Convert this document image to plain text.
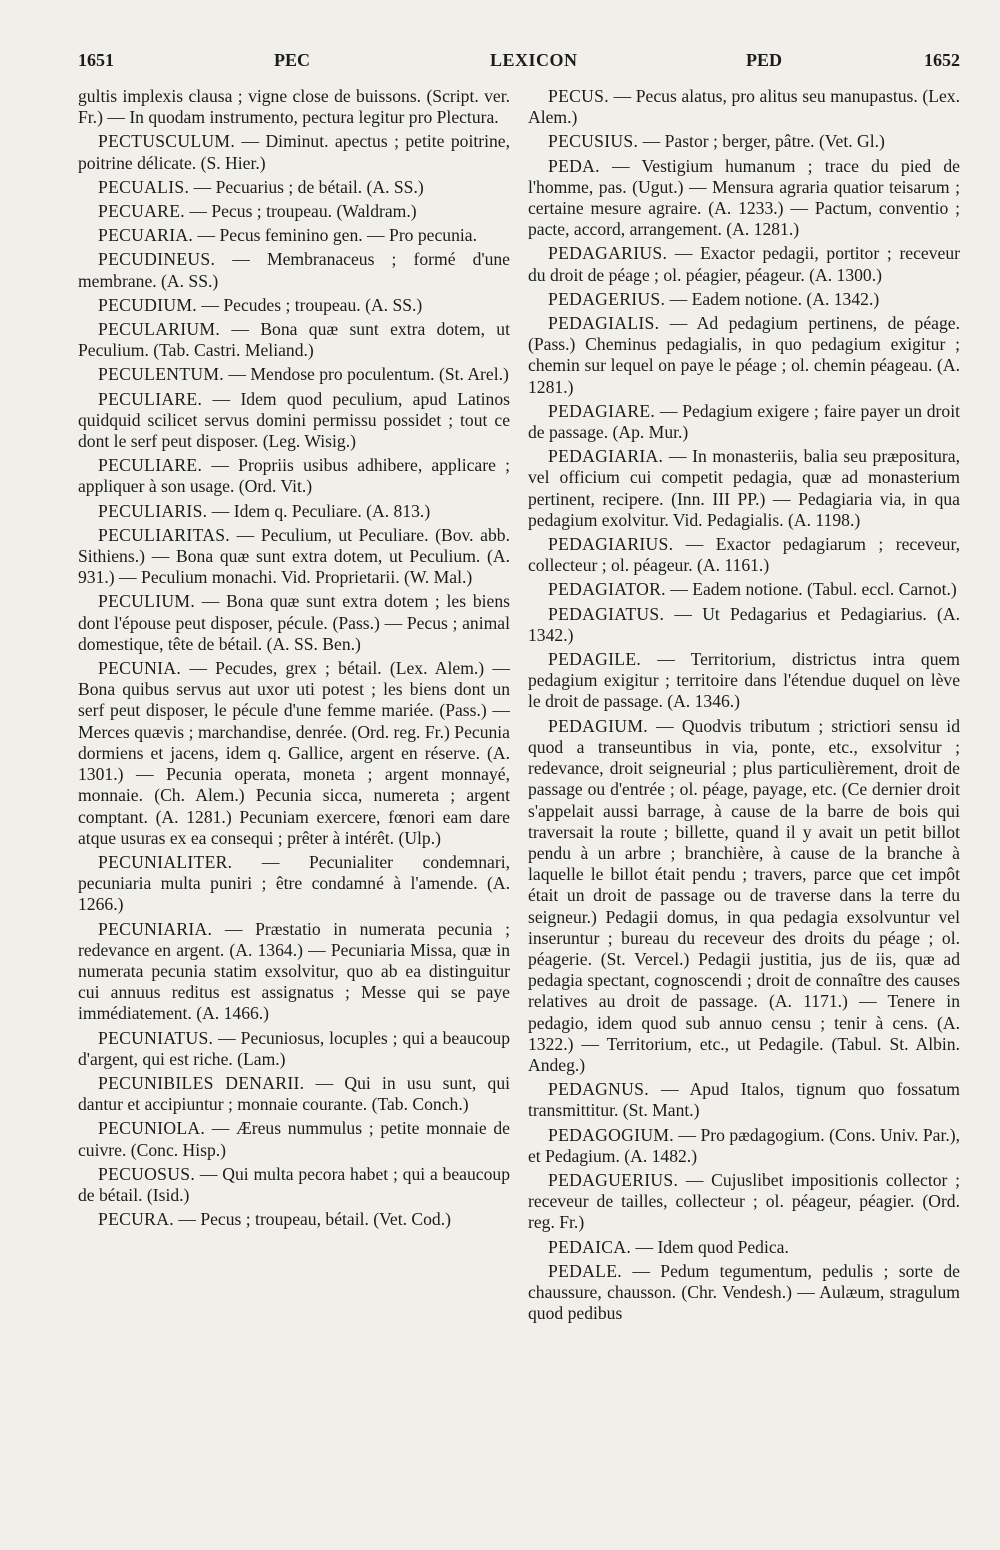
1651	PEC	LEXICON	PED	1652

gultis implexis clausa ; vigne close de buissons. (Script. ver. Fr.) — In quodam instrumento, pectura legitur pro Plectura.

PECTUSCULUM. — Diminut. apectus ; petite poitrine, poitrine délicate. (S. Hier.)

PECUALIS. — Pecuarius ; de bétail. (A. SS.)

PECUARE. — Pecus ; troupeau. (Waldram.)

PECUARIA. — Pecus feminino gen. — Pro pecunia.

PECUDINEUS. — Membranaceus ; formé d'une membrane. (A. SS.)

PECUDIUM. — Pecudes ; troupeau. (A. SS.)

PECULARIUM. — Bona quæ sunt extra dotem, ut Peculium. (Tab. Castri. Meliand.)

PECULENTUM. — Mendose pro poculentum. (St. Arel.)

PECULIARE. — Idem quod peculium, apud Latinos quidquid scilicet servus domini permissu possidet ; tout ce dont le serf peut disposer. (Leg. Wisig.)

PECULIARE. — Propriis usibus adhibere, applicare ; appliquer à son usage. (Ord. Vit.)

PECULIARIS. — Idem q. Peculiare. (A. 813.)

PECULIARITAS. — Peculium, ut Peculiare. (Bov. abb. Sithiens.) — Bona quæ sunt extra dotem, ut Peculium. (A. 931.) — Peculium monachi. Vid. Proprietarii. (W. Mal.)

PECULIUM. — Bona quæ sunt extra dotem ; les biens dont l'épouse peut disposer, pécule. (Pass.) — Pecus ; animal domestique, tête de bétail. (A. SS. Ben.)

PECUNIA. — Pecudes, grex ; bétail. (Lex. Alem.) — Bona quibus servus aut uxor uti potest ; les biens dont un serf peut disposer, le pécule d'une femme mariée. (Pass.) — Merces quævis ; marchandise, denrée. (Ord. reg. Fr.) Pecunia dormiens et jacens, idem q. Gallice, argent en réserve. (A. 1301.) — Pecunia operata, moneta ; argent monnayé, monnaie. (Ch. Alem.) Pecunia sicca, numereta ; argent comptant. (A. 1281.) Pecuniam exercere, fœnori eam dare atque usuras ex ea consequi ; prêter à intérêt. (Ulp.)

PECUNIALITER. — Pecunialiter condemnari, pecuniaria multa puniri ; être condamné à l'amende. (A. 1266.)

PECUNIARIA. — Præstatio in numerata pecunia ; redevance en argent. (A. 1364.) — Pecuniaria Missa, quæ in numerata pecunia statim exsolvitur, quo ab ea distinguitur cui annuus reditus est assignatus ; Messe qui se paye immédiatement. (A. 1466.)

PECUNIATUS. — Pecuniosus, locuples ; qui a beaucoup d'argent, qui est riche. (Lam.)

PECUNIBILES DENARII. — Qui in usu sunt, qui dantur et accipiuntur ; monnaie courante. (Tab. Conch.)

PECUNIOLA. — Æreus nummulus ; petite monnaie de cuivre. (Conc. Hisp.)

PECUOSUS. — Qui multa pecora habet ; qui a beaucoup de bétail. (Isid.)

PECURA. — Pecus ; troupeau, bétail. (Vet. Cod.)

PECUS. — Pecus alatus, pro alitus seu manupastus. (Lex. Alem.)

PECUSIUS. — Pastor ; berger, pâtre. (Vet. Gl.)

PEDA. — Vestigium humanum ; trace du pied de l'homme, pas. (Ugut.) — Mensura agraria quatior teisarum ; certaine mesure agraire. (A. 1233.) — Pactum, conventio ; pacte, accord, arrangement. (A. 1281.)

PEDAGARIUS. — Exactor pedagii, portitor ; receveur du droit de péage ; ol. péagier, péageur. (A. 1300.)

PEDAGERIUS. — Eadem notione. (A. 1342.)

PEDAGIALIS. — Ad pedagium pertinens, de péage. (Pass.) Cheminus pedagialis, in quo pedagium exigitur ; chemin sur lequel on paye le péage ; ol. chemin péageau. (A. 1281.)

PEDAGIARE. — Pedagium exigere ; faire payer un droit de passage. (Ap. Mur.)

PEDAGIARIA. — In monasteriis, balia seu præpositura, vel officium cui competit pedagia, quæ ad monasterium pertinent, recipere. (Inn. III PP.) — Pedagiaria via, in qua pedagium exolvitur. Vid. Pedagialis. (A. 1198.)

PEDAGIARIUS. — Exactor pedagiarum ; receveur, collecteur ; ol. péageur. (A. 1161.)

PEDAGIATOR. — Eadem notione. (Tabul. eccl. Carnot.)

PEDAGIATUS. — Ut Pedagarius et Pedagiarius. (A. 1342.)

PEDAGILE. — Territorium, districtus intra quem pedagium exigitur ; territoire dans l'étendue duquel on lève le droit de passage. (A. 1346.)

PEDAGIUM. — Quodvis tributum ; strictiori sensu id quod a transeuntibus in via, ponte, etc., exsolvitur ; redevance, droit seigneurial ; plus particulièrement, droit de passage ou d'entrée ; ol. péage, payage, etc. (Ce dernier droit s'appelait aussi barrage, à cause de la barre de bois qui traversait la route ; billette, quand il y avait un petit billot pendu à un arbre ; branchière, à cause de la branche à laquelle le billot était pendu ; travers, parce que cet impôt était un droit de passage ou de traverse dans la terre du seigneur.) Pedagii domus, in qua pedagia exsolvuntur vel inseruntur ; bureau du receveur des droits du péage ; ol. péagerie. (St. Vercel.) Pedagii justitia, jus de iis, quæ ad pedagia spectant, cognoscendi ; droit de connaître des causes relatives au droit de passage. (A. 1171.) — Tenere in pedagio, idem quod sub annuo censu ; tenir à cens. (A. 1322.) — Territorium, etc., ut Pedagile. (Tabul. St. Albin. Andeg.)

PEDAGNUS. — Apud Italos, tignum quo fossatum transmittitur. (St. Mant.)

PEDAGOGIUM. — Pro pædagogium. (Cons. Univ. Par.), et Pedagium. (A. 1482.)

PEDAGUERIUS. — Cujuslibet impositionis collector ; receveur de tailles, collecteur ; ol. péageur, péagier. (Ord. reg. Fr.)

PEDAICA. — Idem quod Pedica.

PEDALE. — Pedum tegumentum, pedulis ; sorte de chaussure, chausson. (Chr. Vendesh.) — Aulæum, stragulum quod pedibus
